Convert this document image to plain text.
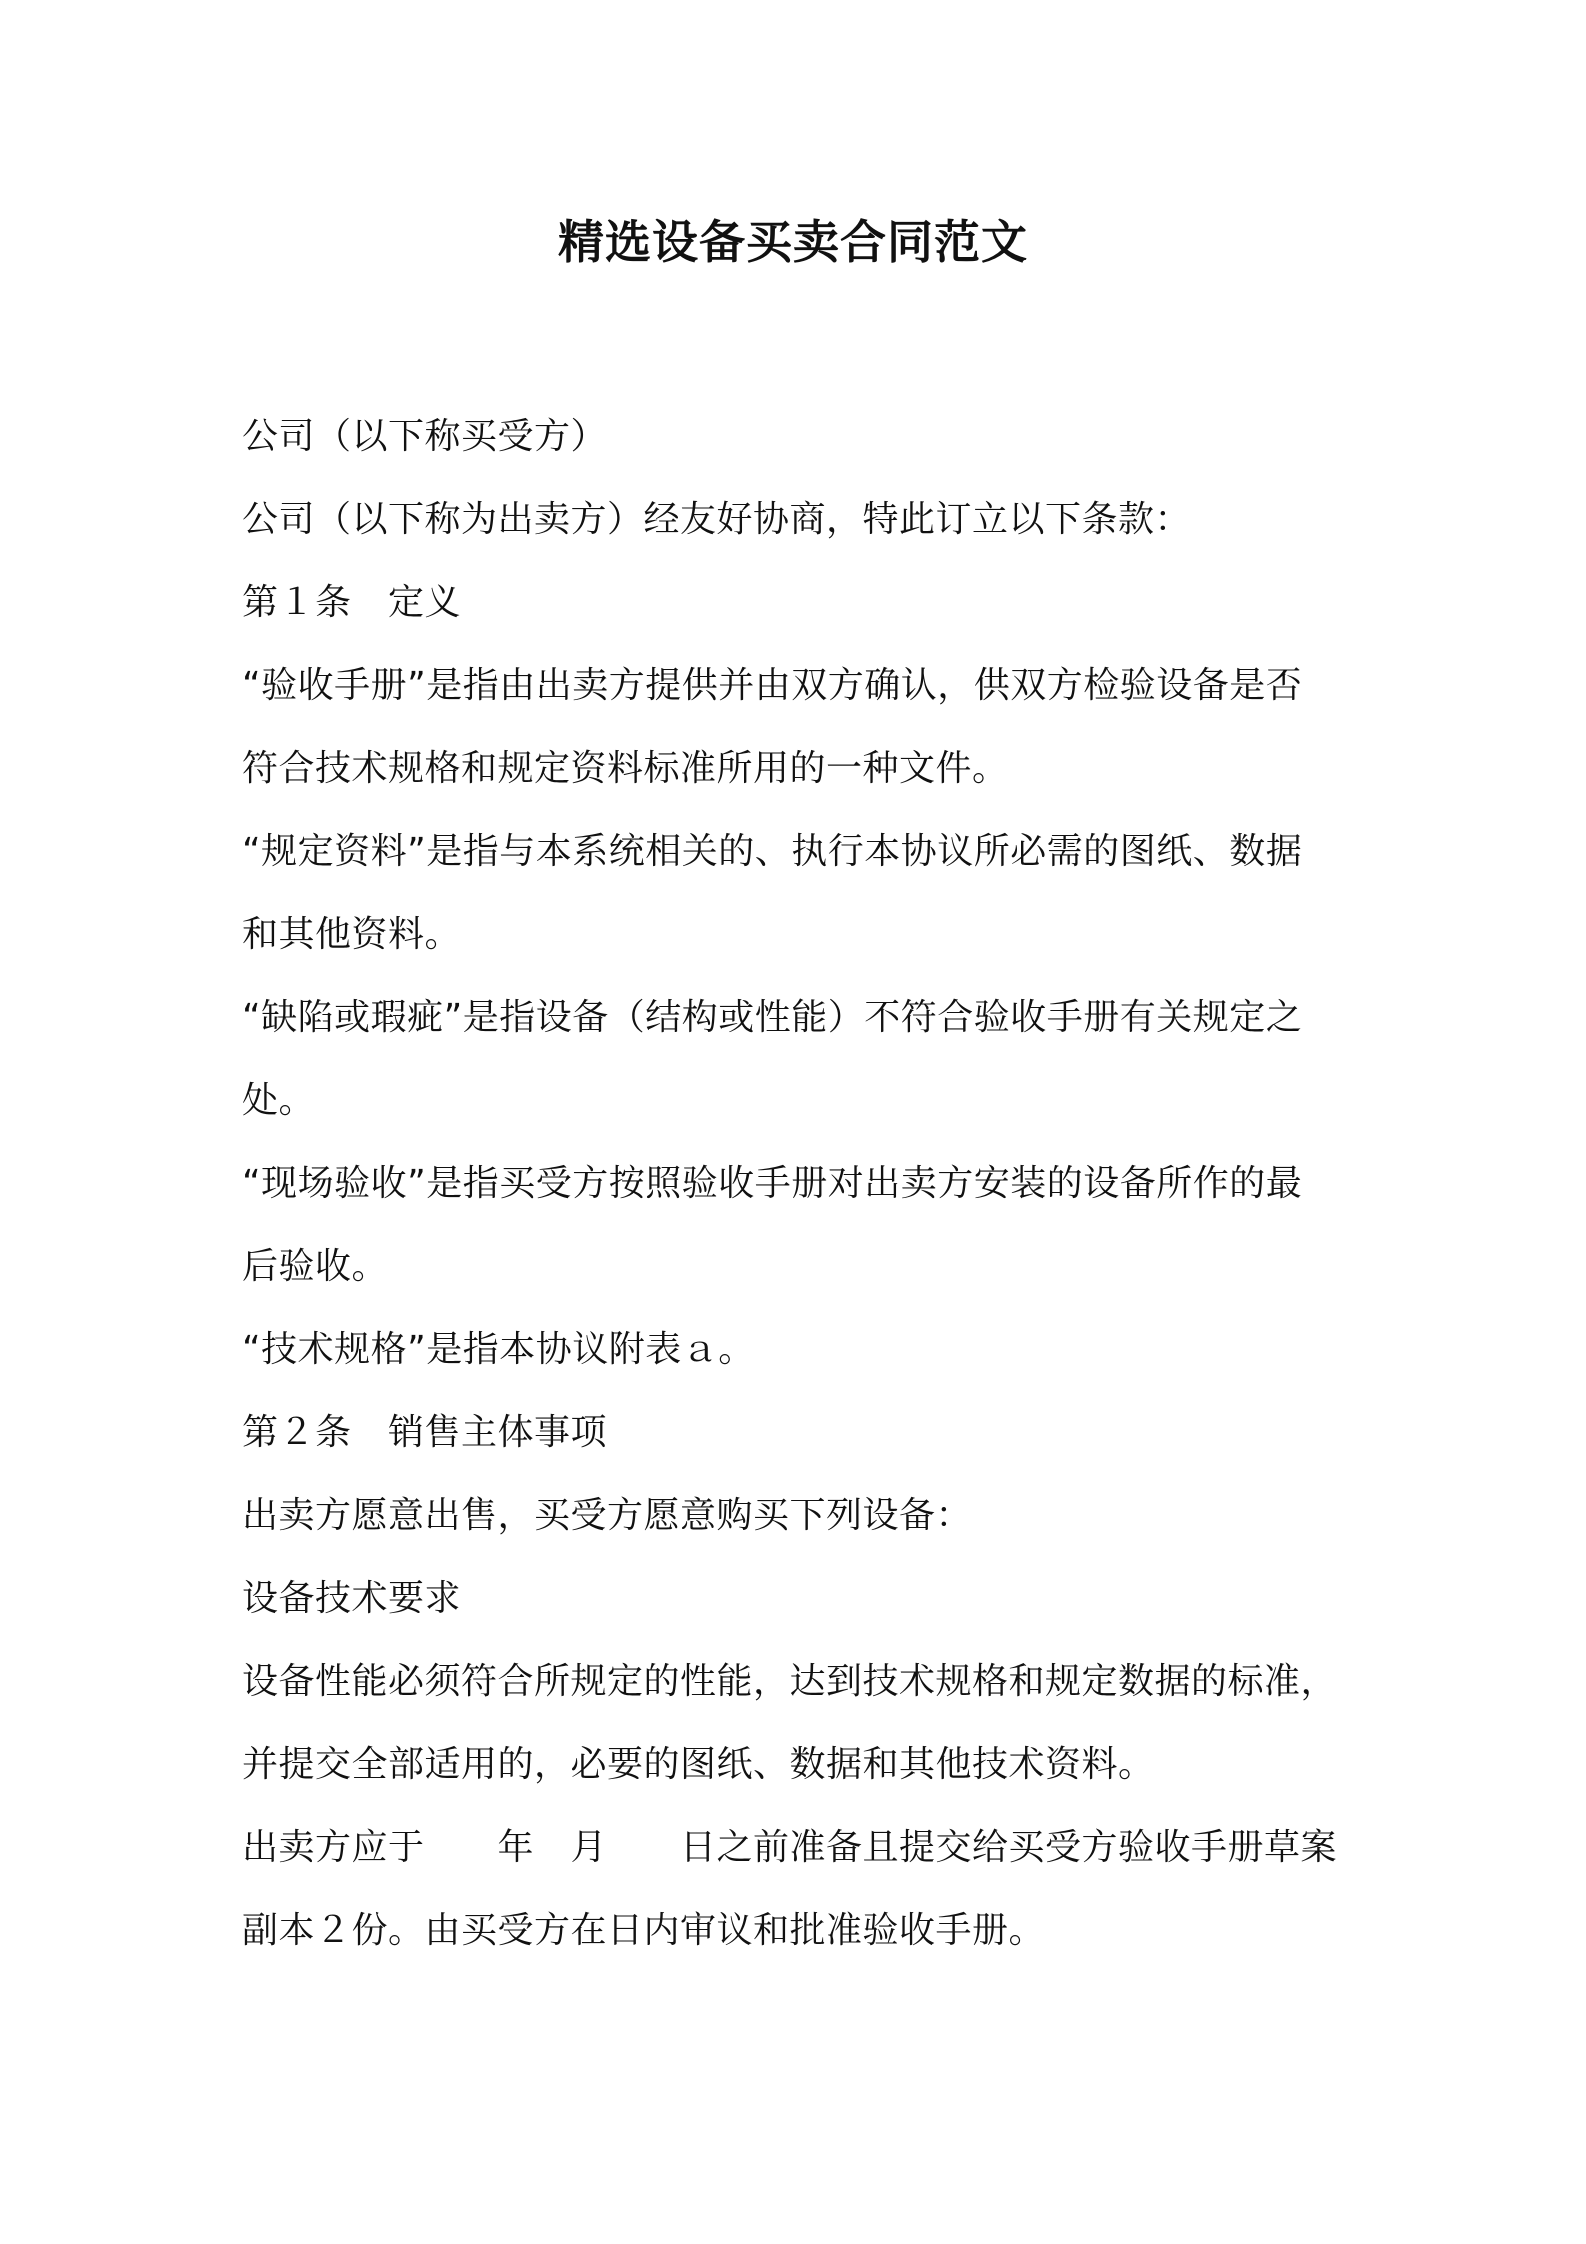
精选设备买卖合同范文
公司（以下称买受方）
公司（以下称为出卖方）经友好协商，特此订立以下条款：
第１条　定义
“验收手册”是指由出卖方提供并由双方确认，供双方检验设备是否
符合技术规格和规定资料标准所用的一种文件。
“规定资料”是指与本系统相关的、执行本协议所必需的图纸、数据
和其他资料。
“缺陷或瑕疵”是指设备（结构或性能）不符合验收手册有关规定之
处。
“现场验收”是指买受方按照验收手册对出卖方安装的设备所作的最
后验收。
“技术规格”是指本协议附表ａ。
第２条　销售主体事项
出卖方愿意出售，买受方愿意购买下列设备：
设备技术要求
设备性能必须符合所规定的性能，达到技术规格和规定数据的标准，
并提交全部适用的，必要的图纸、数据和其他技术资料。
出卖方应于　　年　月　　日之前准备且提交给买受方验收手册草案
副本２份。由买受方在日内审议和批准验收手册。
